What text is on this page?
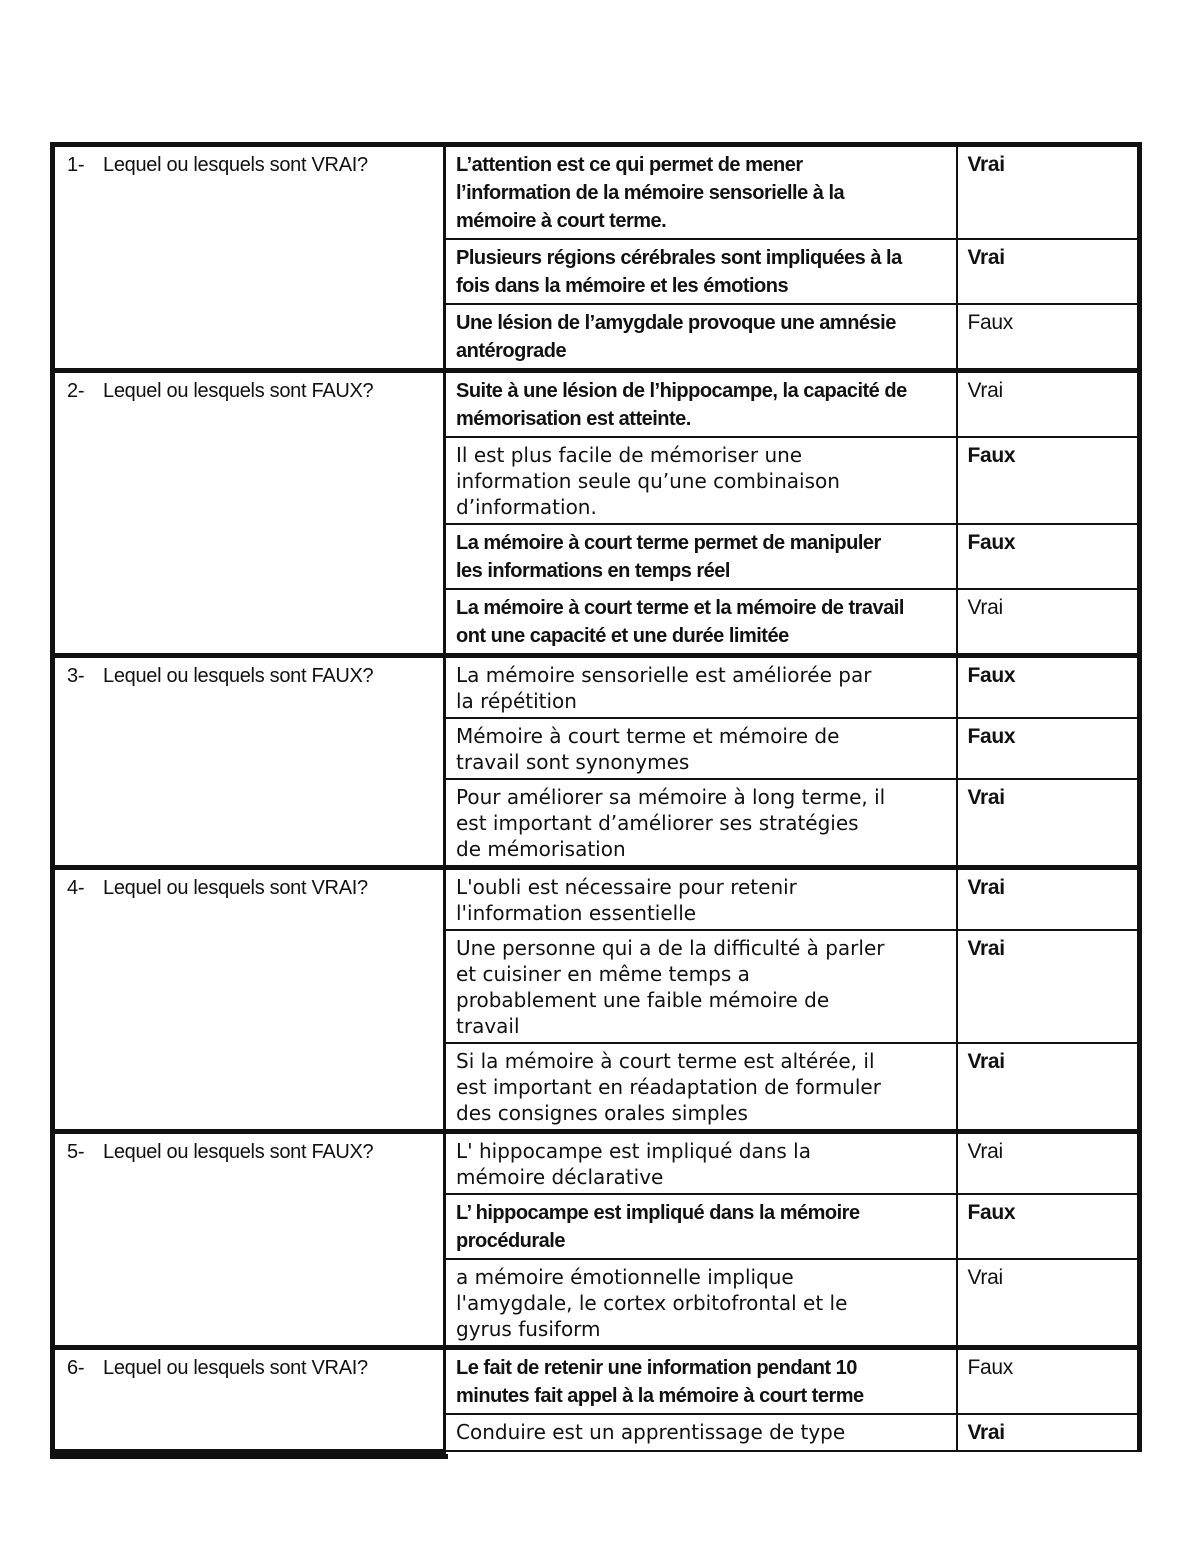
1- Lequel ou lesquels sont VRAI?	L’attention est ce qui permet de mener
l’information de la mémoire sensorielle à la
mémoire à court terme.	Vrai

	Plusieurs régions cérébrales sont impliquées à la
fois dans la mémoire et les émotions	Vrai

	Une lésion de l’amygdale provoque une amnésie
antérograde	Faux
2- Lequel ou lesquels sont FAUX?	Suite à une lésion de l’hippocampe, la capacité de
mémorisation est atteinte.	Vrai

	Il est plus facile de mémoriser une
information seule qu’une combinaison
d’information.	Faux

	La mémoire à court terme permet de manipuler
les informations en temps réel	Faux

	La mémoire à court terme et la mémoire de travail
ont une capacité et une durée limitée	Vrai
3- Lequel ou lesquels sont FAUX?	La mémoire sensorielle est améliorée par
la répétition	Faux

	Mémoire à court terme et mémoire de
travail sont synonymes	Faux

	Pour améliorer sa mémoire à long terme, il
est important d’améliorer ses stratégies
de mémorisation	Vrai
4- Lequel ou lesquels sont VRAI?	L'oubli est nécessaire pour retenir
l'information essentielle	Vrai

	Une personne qui a de la difficulté à parler
et cuisiner en même temps a
probablement une faible mémoire de
travail	Vrai

	Si la mémoire à court terme est altérée, il
est important en réadaptation de formuler
des consignes orales simples	Vrai
5- Lequel ou lesquels sont FAUX?	L' hippocampe est impliqué dans la
mémoire déclarative	Vrai

	L’ hippocampe est impliqué dans la mémoire
procédurale	Faux

	a mémoire émotionnelle implique
l'amygdale, le cortex orbitofrontal et le
gyrus fusiform	Vrai
6- Lequel ou lesquels sont VRAI?	Le fait de retenir une information pendant 10
minutes fait appel à la mémoire à court terme	Faux

	Conduire est un apprentissage de type	Vrai
